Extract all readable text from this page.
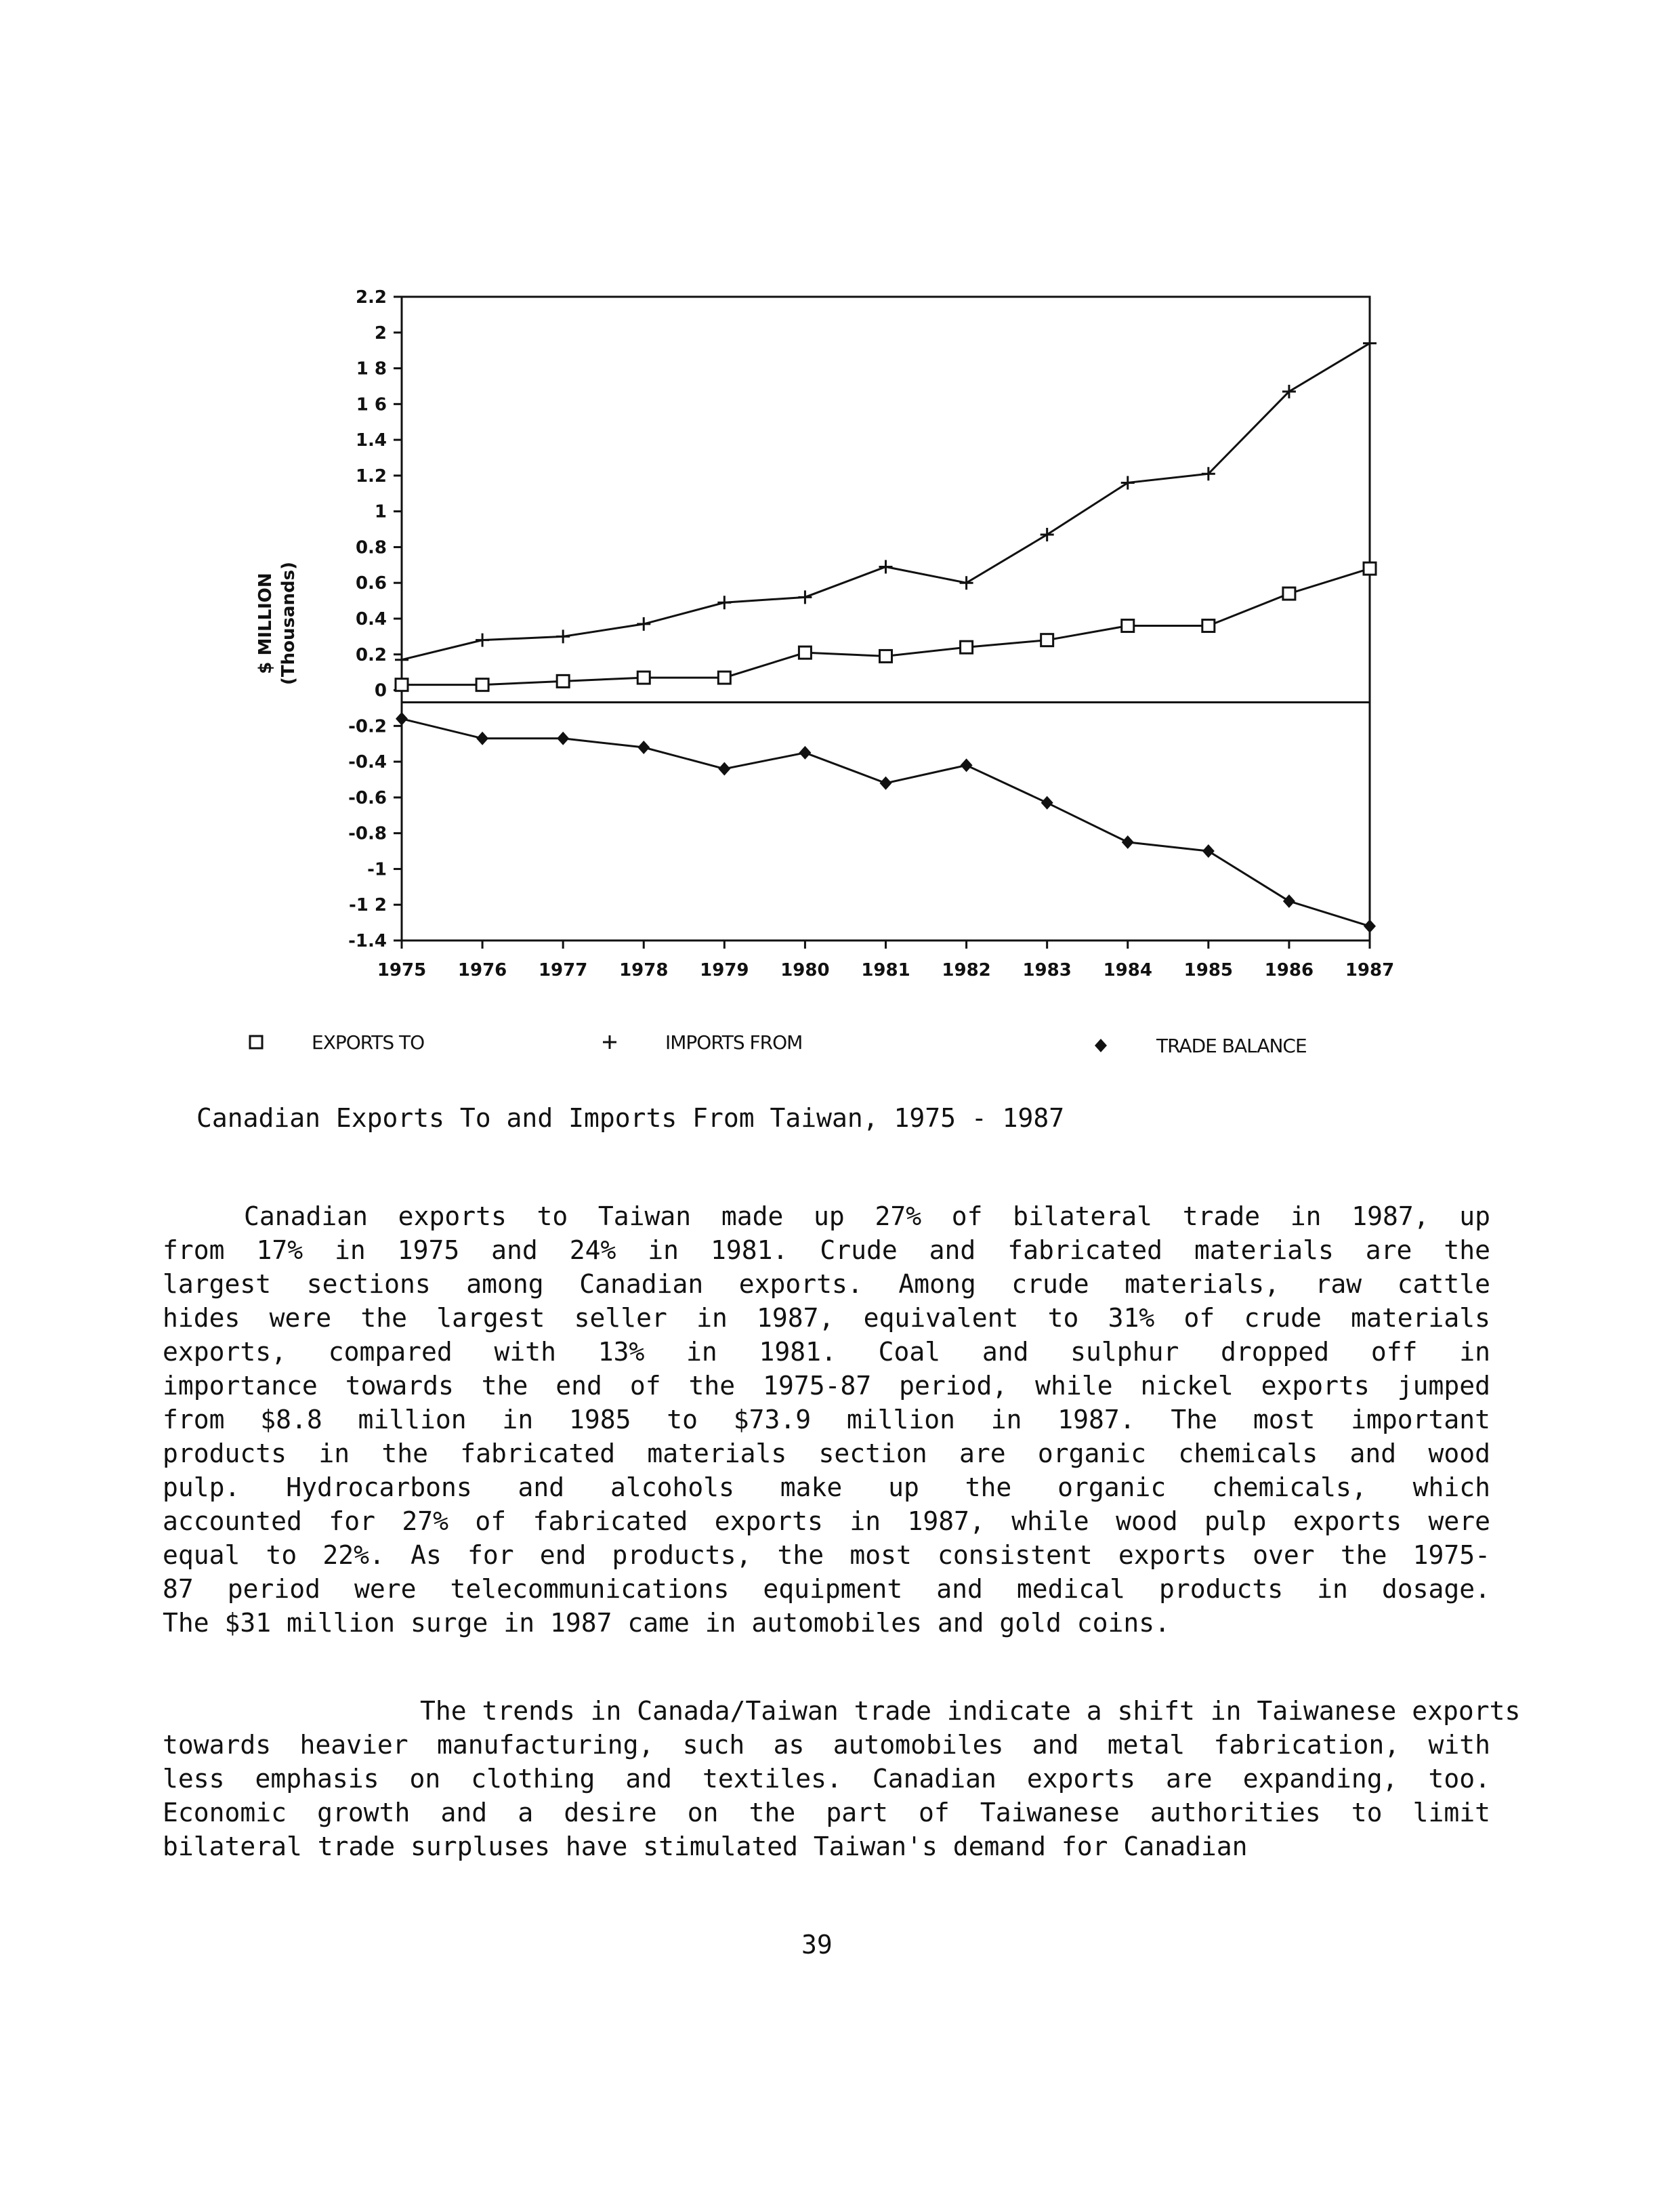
2.2
2
1 8
1 6
1.4
1.2
1
0.8
0.6
0.4
0.2
0
-0.2
-0.4
-0.6
-0.8
-1
-1 2
-1.4
1975 1976 1977 1978 1979 1980 1981 1982 1983 1984 1985 1986 1987
$ MILLION (Thousands)
EXPORTS TO	IMPORTS FROM	TRADE BALANCE
Canadian Exports To and Imports From Taiwan, 1975 - 1987

Canadian exports to Taiwan made up 27% of bilateral trade in 1987, up
from 17% in 1975 and 24% in 1981. Crude and fabricated materials are the
largest sections among Canadian exports. Among crude materials, raw cattle
hides were the largest seller in 1987, equivalent to 31% of crude materials
exports, compared with 13% in 1981. Coal and sulphur dropped off in
importance towards the end of the 1975-87 period, while nickel exports jumped
from $8.8 million in 1985 to $73.9 million in 1987. The most important
products in the fabricated materials section are organic chemicals and wood
pulp. Hydrocarbons and alcohols make up the organic chemicals, which
accounted for 27% of fabricated exports in 1987, while wood pulp exports were
equal to 22%. As for end products, the most consistent exports over the 1975-
87 period were telecommunications equipment and medical products in dosage.
The $31 million surge in 1987 came in automobiles and gold coins.

The trends in Canada/Taiwan trade indicate a shift in Taiwanese exports
towards heavier manufacturing, such as automobiles and metal fabrication, with
less emphasis on clothing and textiles. Canadian exports are expanding, too.
Economic growth and a desire on the part of Taiwanese authorities to limit
bilateral trade surpluses have stimulated Taiwan's demand for Canadian

39
